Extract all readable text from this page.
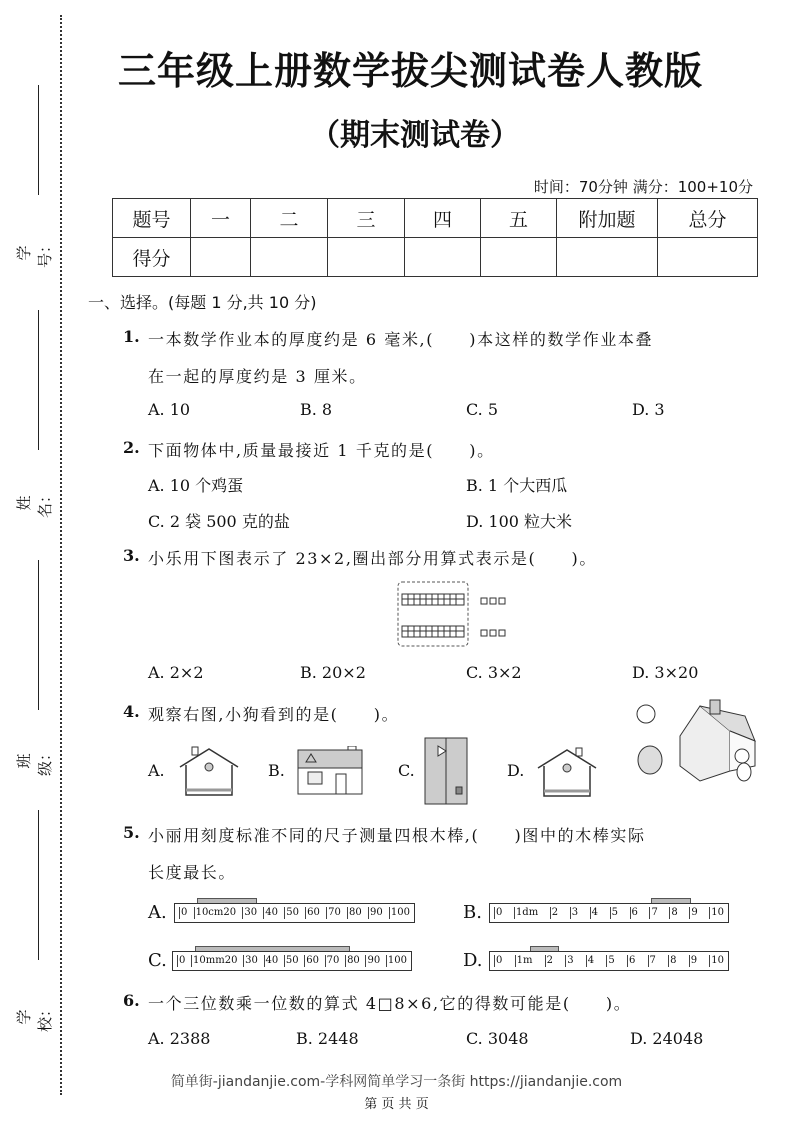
学号：
姓名：
班级：
学校：
三年级上册数学拔尖测试卷人教版
（期末测试卷）
时间：70分钟 满分：100+10分
题号	一	二	三	四	五	附加题	总分
得分							
一、选择。(每题 1 分,共 10 分)
1. 一本数学作业本的厚度约是 6 毫米,(　　)本这样的数学作业本叠
在一起的厚度约是 3 厘米。
A. 10	B. 8	C. 5	D. 3
2. 下面物体中,质量最接近 1 千克的是(　　)。
A. 10 个鸡蛋	B. 1 个大西瓜
C. 2 袋 500 克的盐	D. 100 粒大米
3. 小乐用下图表示了 23×2,圈出部分用算式表示是(　　)。
A. 2×2	B. 20×2	C. 3×2	D. 3×20
4. 观察右图,小狗看到的是(　　)。
A.	B.	C.	D.
5. 小丽用刻度标准不同的尺子测量四根木棒,(　　)图中的木棒实际
长度最长。
A. 0 10cm20 30 40 50 60 70 80 90 100	B. 0 1dm 2 3 4 5 6 7 8 9 10
C. 0 10mm20 30 40 50 60 70 80 90 100	D. 0 1m 2 3 4 5 6 7 8 9 10
6. 一个三位数乘一位数的算式 4□8×6,它的得数可能是(　　)。
A. 2388	B. 2448	C. 3048	D. 24048
简单街-jiandanjie.com-学科网简单学习一条街 https://jiandanjie.com
第 页 共 页
